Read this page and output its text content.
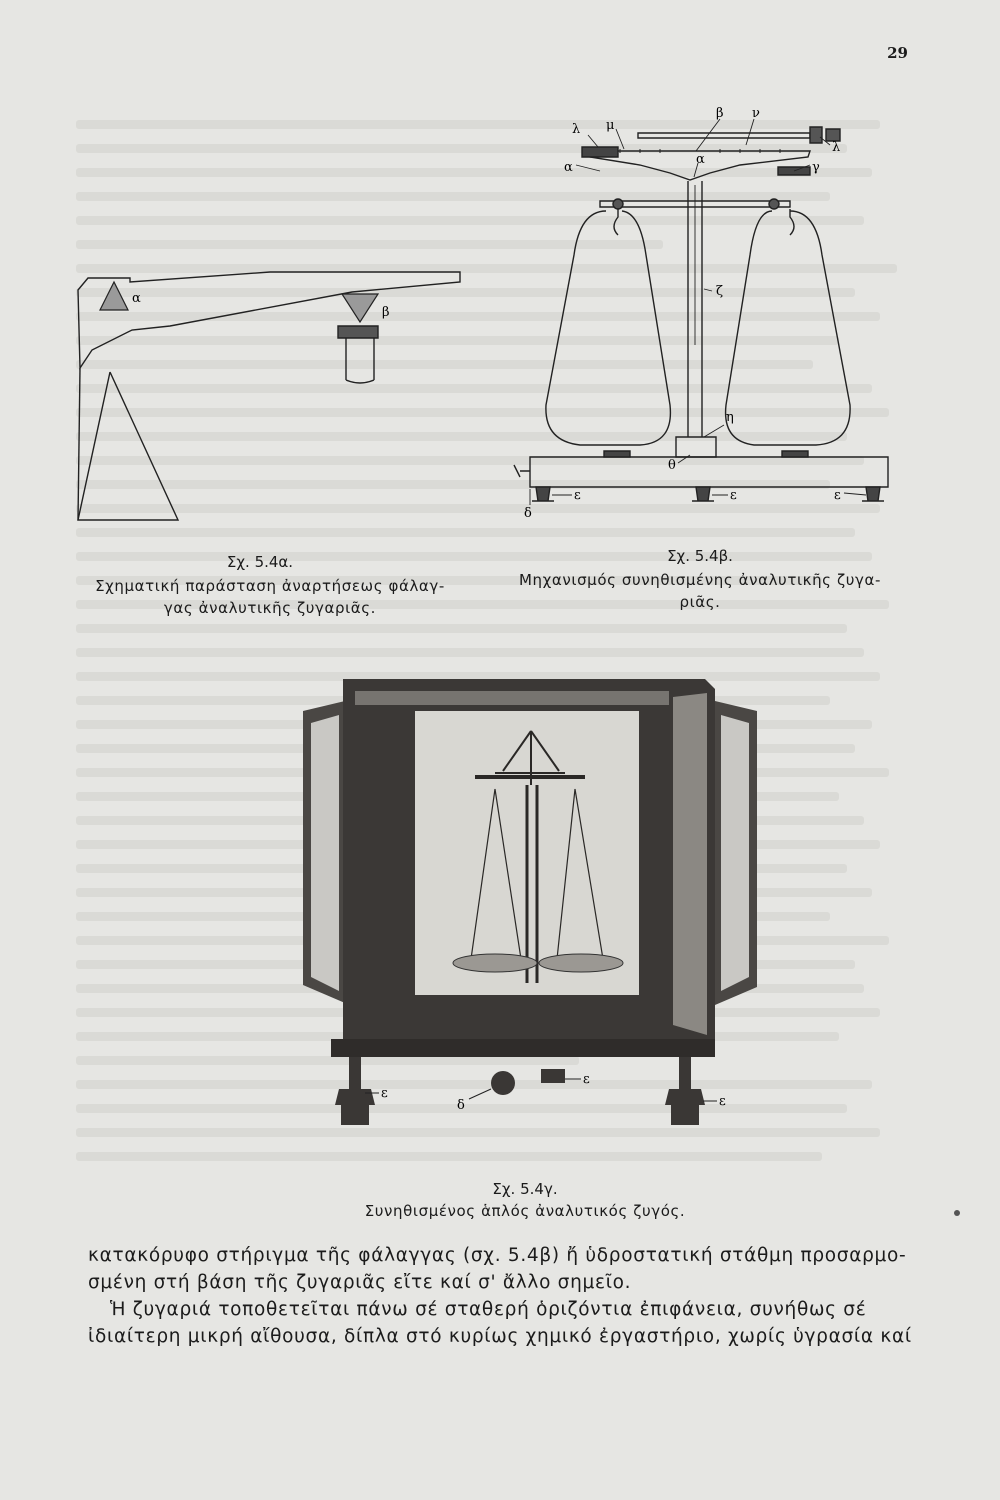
29
α
β
Σχ. 5.4α.
Σχηματική παράσταση ἀναρτήσεως φάλαγ-
γας ἀναλυτικῆς ζυγαριᾶς.
λ μ
β ν
λ
α
α
γ
ζ
η
θ
δ
ε	ε	ε
Σχ. 5.4β.
Μηχανισμός συνηθισμένης ἀναλυτικῆς ζυγα-
ριᾶς.
ε
δ
ε
ε
Σχ. 5.4γ.
Συνηθισμένος ἁπλός ἀναλυτικός ζυγός.

κατακόρυφο στήριγμα τῆς φάλαγγας (σχ. 5.4β) ἤ ὑδροστατική στάθμη προσαρμο-

σμένη στή βάση τῆς ζυγαριᾶς εἴτε καί σ' ἄλλο σημεῖο.

Ἡ ζυγαριά τοποθετεῖται πάνω σέ σταθερή ὁριζόντια ἐπιφάνεια, συνήθως σέ

ἰδιαίτερη μικρή αἴθουσα, δίπλα στό κυρίως χημικό ἐργαστήριο, χωρίς ὑγρασία καί
